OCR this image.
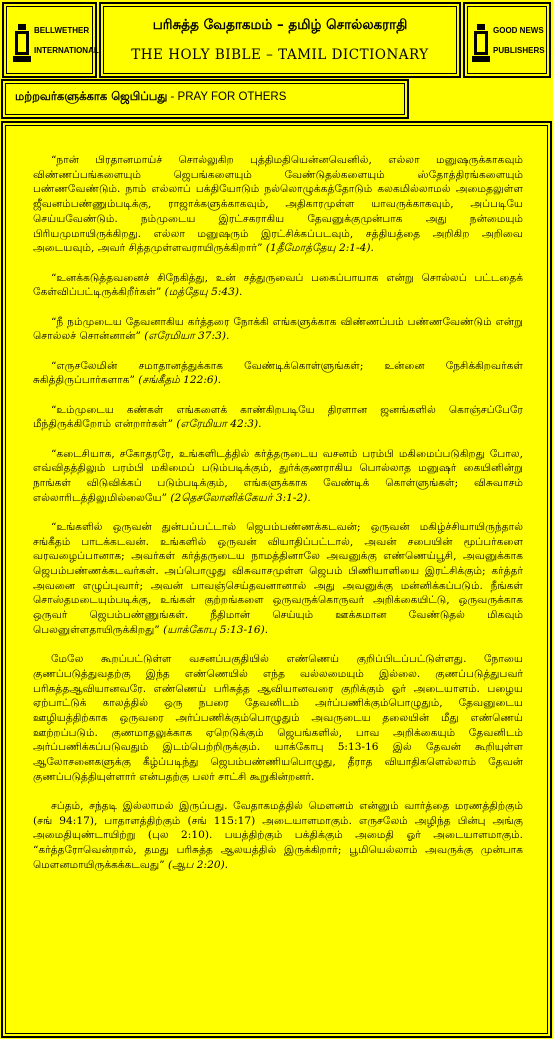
BELLWETHER
INTERNATIONAL
பரிசுத்த வேதாகமம் – தமிழ் சொல்லகராதி
THE HOLY BIBLE – TAMIL DICTIONARY
GOOD NEWS
PUBLISHERS
மற்றவர்களுக்காக ஜெபிப்பது - PRAY FOR OTHERS

“நான் பிரதானமாய்ச் சொல்லுகிற புத்திமதியென்னவெனில், எல்லா மனுஷருக்காகவும் விண்ணப்பங்களையும் ஜெபங்களையும் வேண்டுதல்களையும் ஸ்தோத்திரங்களையும் பண்ணவேண்டும். நாம் எல்லாப் பக்தியோடும் நல்லொழுக்கத்தோடும் கலகமில்லாமல் அமைதலுள்ள ஜீவனம்பண்ணும்படிக்கு, ராஜாக்களுக்காகவும், அதிகாரமுள்ள யாவருக்காகவும், அப்படியே செய்யவேண்டும். நம்முடைய இரட்சகராகிய தேவனுக்குமுன்பாக அது நன்மையும் பிரியமுமாயிருக்கிறது. எல்லா மனுஷரும் இரட்சிக்கப்படவும், சத்தியத்தை அறிகிற அறிவை அடையவும், அவர் சித்தமுள்ளவராயிருக்கிறார்” (1தீமோத்தேயு 2:1-4).

“உனக்கடுத்தவனைச் சிநேகித்து, உன் சத்துருவைப் பகைப்பாயாக என்று சொல்லப் பட்டதைக் கேள்விப்பட்டிருக்கிறீர்கள்” (மத்தேயு 5:43).

“நீ நம்முடைய தேவனாகிய கர்த்தரை நோக்கி எங்களுக்காக விண்ணப்பம் பண்ணவேண்டும் என்று சொல்லச் சொன்னான்” (எரேமியா 37:3).

“எருசலேமின் சமாதானத்துக்காக வேண்டிக்கொள்ளுங்கள்; உன்னை நேசிக்கிறவர்கள் சுகித்திருப்பார்களாக” (சங்கீதம் 122:6).

“உம்முடைய கண்கள் எங்களைக் காண்கிறபடியே திரளான ஜனங்களில் கொஞ்சப்பேரே மீந்திருக்கிறோம் என்றார்கள்” (எரேமியா 42:3).

“கடைசியாக, சகோதரரே, உங்களிடத்தில் கர்த்தருடைய வசனம் பரம்பி மகிமைப்படுகிறது போல, எவ்விதத்திலும் பரம்பி மகிமைப் படும்படிக்கும், துர்க்குணராகிய பொல்லாத மனுஷர் கையினின்று நாங்கள் விடுவிக்கப் படும்படிக்கும், எங்களுக்காக வேண்டிக் கொள்ளுங்கள்; விசுவாசம் எல்லாரிடத்திலுமில்லையே” (2தெசலோனிக்கேயர் 3:1-2).

“உங்களில் ஒருவன் துன்பப்பட்டால் ஜெபம்பண்ணக்கடவன்; ஒருவன் மகிழ்ச்சியாயிருந்தால் சங்கீதம் பாடக்கடவன். உங்களில் ஒருவன் வியாதிப்பட்டால், அவன் சபையின் மூப்பர்களை வரவழைப்பானாக; அவர்கள் கர்த்தருடைய நாமத்தினாலே அவனுக்கு எண்ணெய்பூசி, அவனுக்காக ஜெபம்பண்ணக்கடவர்கள். அப்பொழுது விசுவாசமுள்ள ஜெபம் பிணியாளியை இரட்சிக்கும்; கர்த்தர் அவனை எழுப்புவார்; அவன் பாவஞ்செய்தவனானால் அது அவனுக்கு மன்னிக்கப்படும். நீங்கள் சொஸ்தமடையும்படிக்கு, உங்கள் குற்றங்களை ஒருவருக்கொருவர் அறிக்கையிட்டு, ஒருவருக்காக ஒருவர் ஜெபம்பண்ணுங்கள். நீதிமான் செய்யும் ஊக்கமான வேண்டுதல் மிகவும் பெலனுள்ளதாயிருக்கிறது” (யாக்கோபு 5:13-16).

மேலே கூறப்பட்டுள்ள வசனப்பகுதியில் எண்ணெய் குறிப்பிடப்பட்டுள்ளது. நோயை குணப்படுத்துவதற்கு இந்த எண்ணெயில் எந்த வல்லமையும் இல்லை. குணப்படுத்துபவர் பரிசுத்தஆவியானவரே. எண்ணெய் பரிசுத்த ஆவியானவரை குறிக்கும் ஓர் அடையாளம். பழைய ஏற்பாட்டுக் காலத்தில் ஒரு நபரை தேவனிடம் அர்ப்பணிக்கும்பொழுதும், தேவனுடைய ஊழியத்திற்காக ஒருவரை அர்ப்பணிக்கும்பொழுதும் அவருடைய தலையின் மீது எண்ணெய் ஊற்றப்படும். குணமாதலுக்காக ஏறெடுக்கும் ஜெபங்களில், பாவ அறிக்கையும் தேவனிடம் அர்ப்பணிக்கப்படுவதும் இடம்பெற்றிருக்கும். யாக்கோபு 5:13-16 இல் தேவன் கூறியுள்ள ஆலோசனைகளுக்கு கீழ்ப்படிந்து ஜெபம்பண்ணியபொழுது, தீராத வியாதிகளெல்லாம் தேவன் குணப்படுத்தியுள்ளார் என்பதற்கு பலர் சாட்சி கூறுகின்றனர்.

சப்தம், சந்தடி இல்லாமல் இருப்பது. வேதாகமத்தில் மௌனம் என்னும் வார்த்தை மரணத்திற்கும் (சங் 94:17), பாதாளத்திற்கும் (சங் 115:17) அடையாளமாகும். எருசலேம் அழிந்த பின்பு அங்கு அமைதியுண்டாயிற்று (புல 2:10). பயத்திற்கும் பக்திக்கும் அமைதி ஓர் அடையாளமாகும். “கர்த்தரோவென்றால், தமது பரிசுத்த ஆலயத்தில் இருக்கிறார்; பூமியெல்லாம் அவருக்கு முன்பாக மௌனமாயிருக்கக்கடவது” (ஆப 2:20).
